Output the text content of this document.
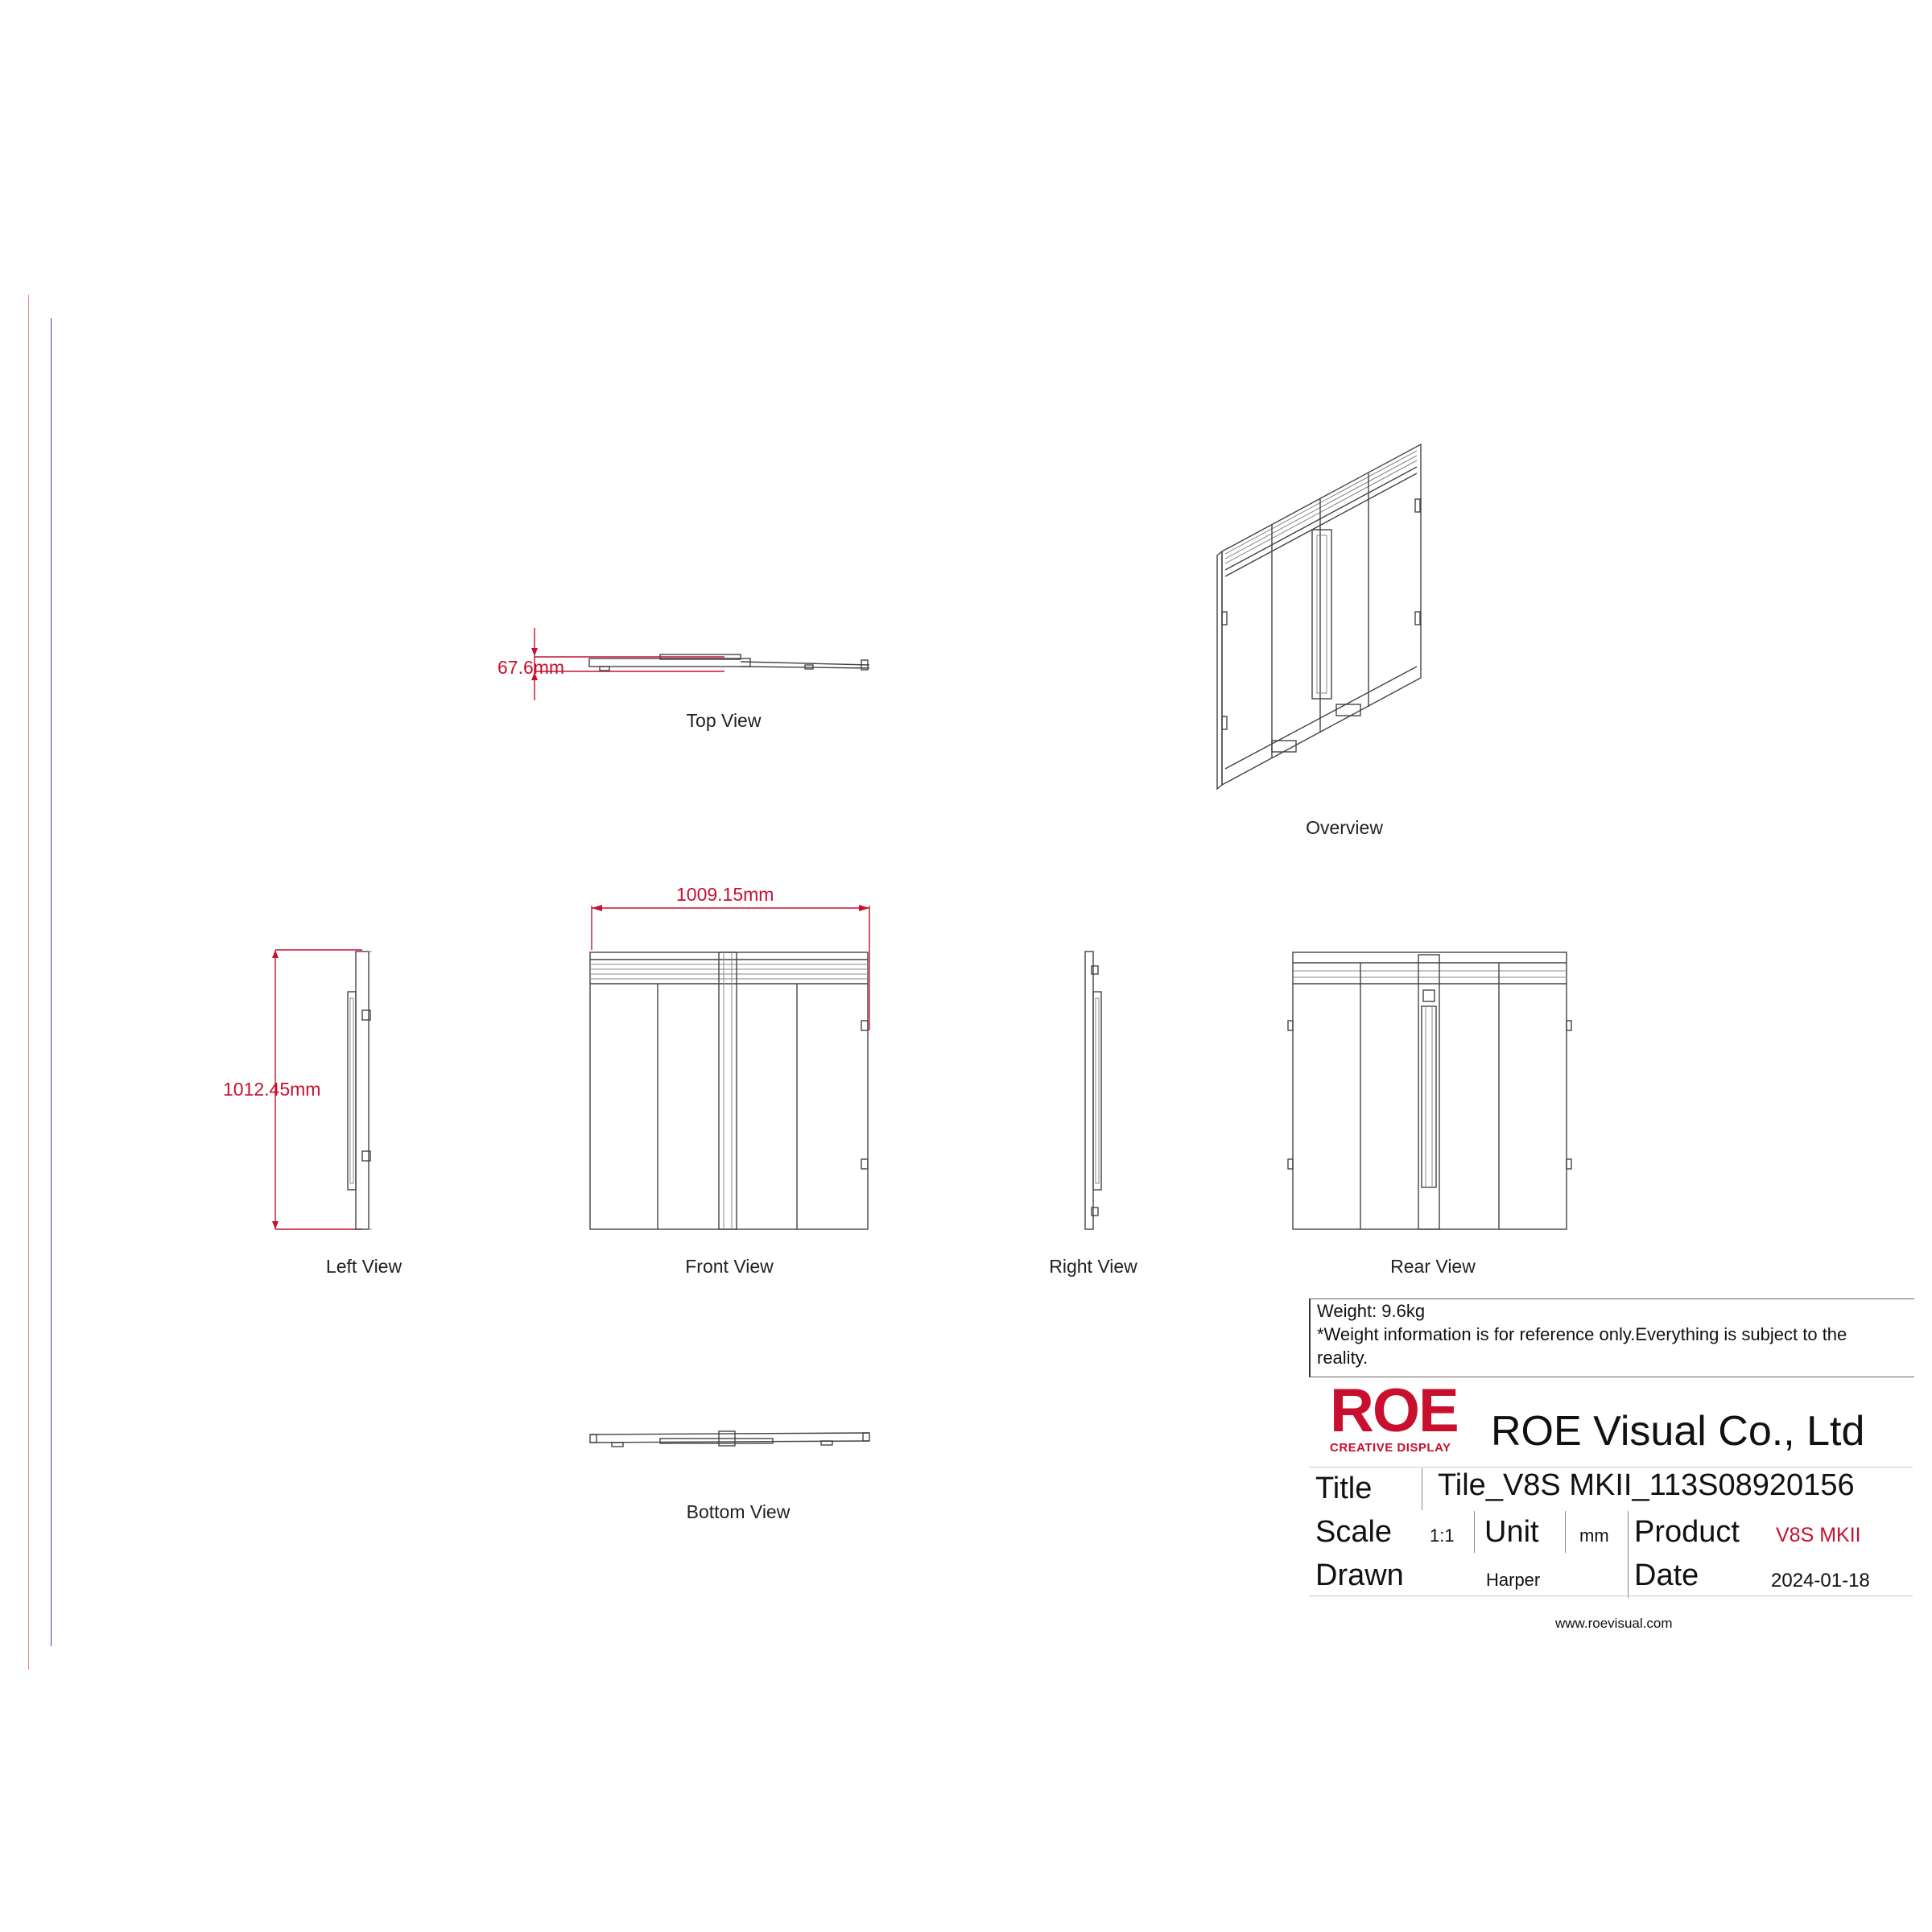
67.6mm
Top View
Overview
1012.45mm
Left View
1009.15mm
Front View	Right View	Rear View
Bottom View
Weight: 9.6kg
*Weight information is for reference only.Everything is subject to the
reality.
ROE
CREATIVE DISPLAY ROE Visual Co., Ltd
Title Tile_V8S MKII_113S08920156
Scale 1:1 Unit mm Product V8S MKII
Drawn	Harper	Date	2024-01-18
www.roevisual.com
